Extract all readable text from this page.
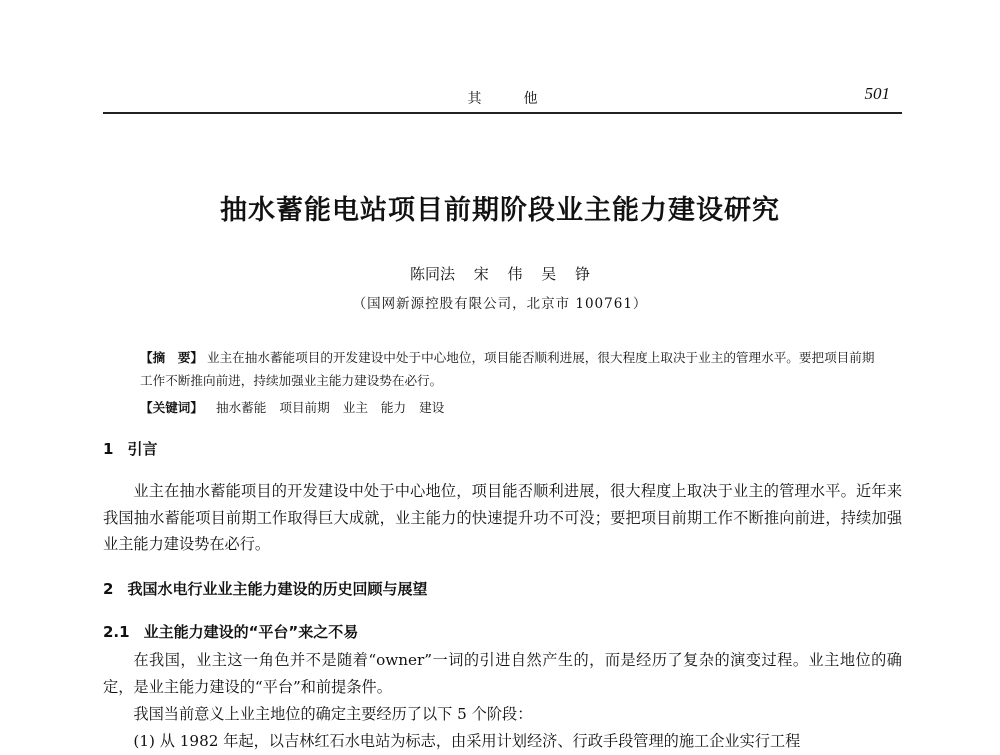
其他	501
抽水蓄能电站项目前期阶段业主能力建设研究
陈同法 宋 伟 吴 铮
（国网新源控股有限公司，北京市 100761）
【摘　要】 业主在抽水蓄能项目的开发建设中处于中心地位，项目能否顺利进展，很大程度上取决于业主的管理水平。要把项目前期工作不断推向前进，持续加强业主能力建设势在必行。
【关键词】 抽水蓄能 项目前期 业主 能力 建设
1 引言
业主在抽水蓄能项目的开发建设中处于中心地位，项目能否顺利进展，很大程度上取决于业主的管理水平。近年来我国抽水蓄能项目前期工作取得巨大成就，业主能力的快速提升功不可没；要把项目前期工作不断推向前进，持续加强业主能力建设势在必行。
2 我国水电行业业主能力建设的历史回顾与展望
2.1 业主能力建设的“平台”来之不易
在我国，业主这一角色并不是随着“owner”一词的引进自然产生的，而是经历了复杂的演变过程。业主地位的确定，是业主能力建设的“平台”和前提条件。
我国当前意义上业主地位的确定主要经历了以下 5 个阶段：
(1) 从 1982 年起，以吉林红石水电站为标志，由采用计划经济、行政手段管理的施工企业实行工程
